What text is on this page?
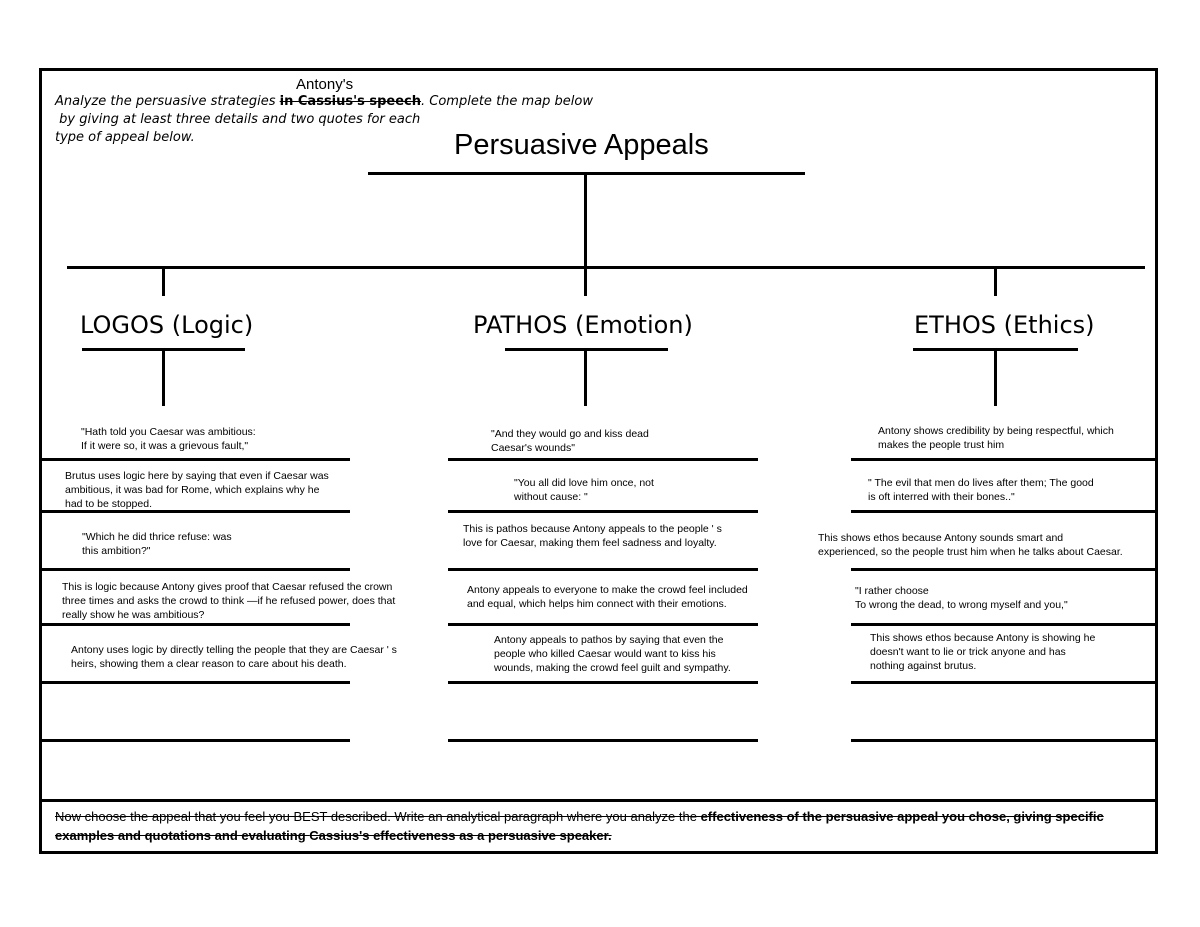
Antony's
Analyze the persuasive strategies in Cassius's speech. Complete the map below
by giving at least three details and two quotes for each
type of appeal below.	Persuasive Appeals
LOGOS (Logic)	PATHOS (Emotion)	ETHOS (Ethics)
"Hath told you Caesar was ambitious:
If it were so, it was a grievous fault,"
Brutus uses logic here by saying that even if Caesar was
ambitious, it was bad for Rome, which explains why he
had to be stopped.
"Which he did thrice refuse: was
this ambition?"
This is logic because Antony gives proof that Caesar refused the crown
three times and asks the crowd to think —if he refused power, does that
really show he was ambitious?
Antony uses logic by directly telling the people that they are Caesar ' s
heirs, showing them a clear reason to care about his death.
"And they would go and kiss dead
Caesar's wounds"
"You all did love him once, not
without cause: "
This is pathos because Antony appeals to the people ' s
love for Caesar, making them feel sadness and loyalty.
Antony appeals to everyone to make the crowd feel included
and equal, which helps him connect with their emotions.
Antony appeals to pathos by saying that even the
people who killed Caesar would want to kiss his
wounds, making the crowd feel guilt and sympathy.
Antony shows credibility by being respectful, which
makes the people trust him
" The evil that men do lives after them; The good
is oft interred with their bones.."
This shows ethos because Antony sounds smart and
experienced, so the people trust him when he talks about Caesar.
"I rather choose
To wrong the dead, to wrong myself and you,"
This shows ethos because Antony is showing he
doesn't want to lie or trick anyone and has
nothing against brutus.
Now choose the appeal that you feel you BEST described. Write an analytical paragraph where you analyze the effectiveness of the persuasive appeal you chose, giving specific examples and quotations and evaluating Cassius's effectiveness as a persuasive speaker.
